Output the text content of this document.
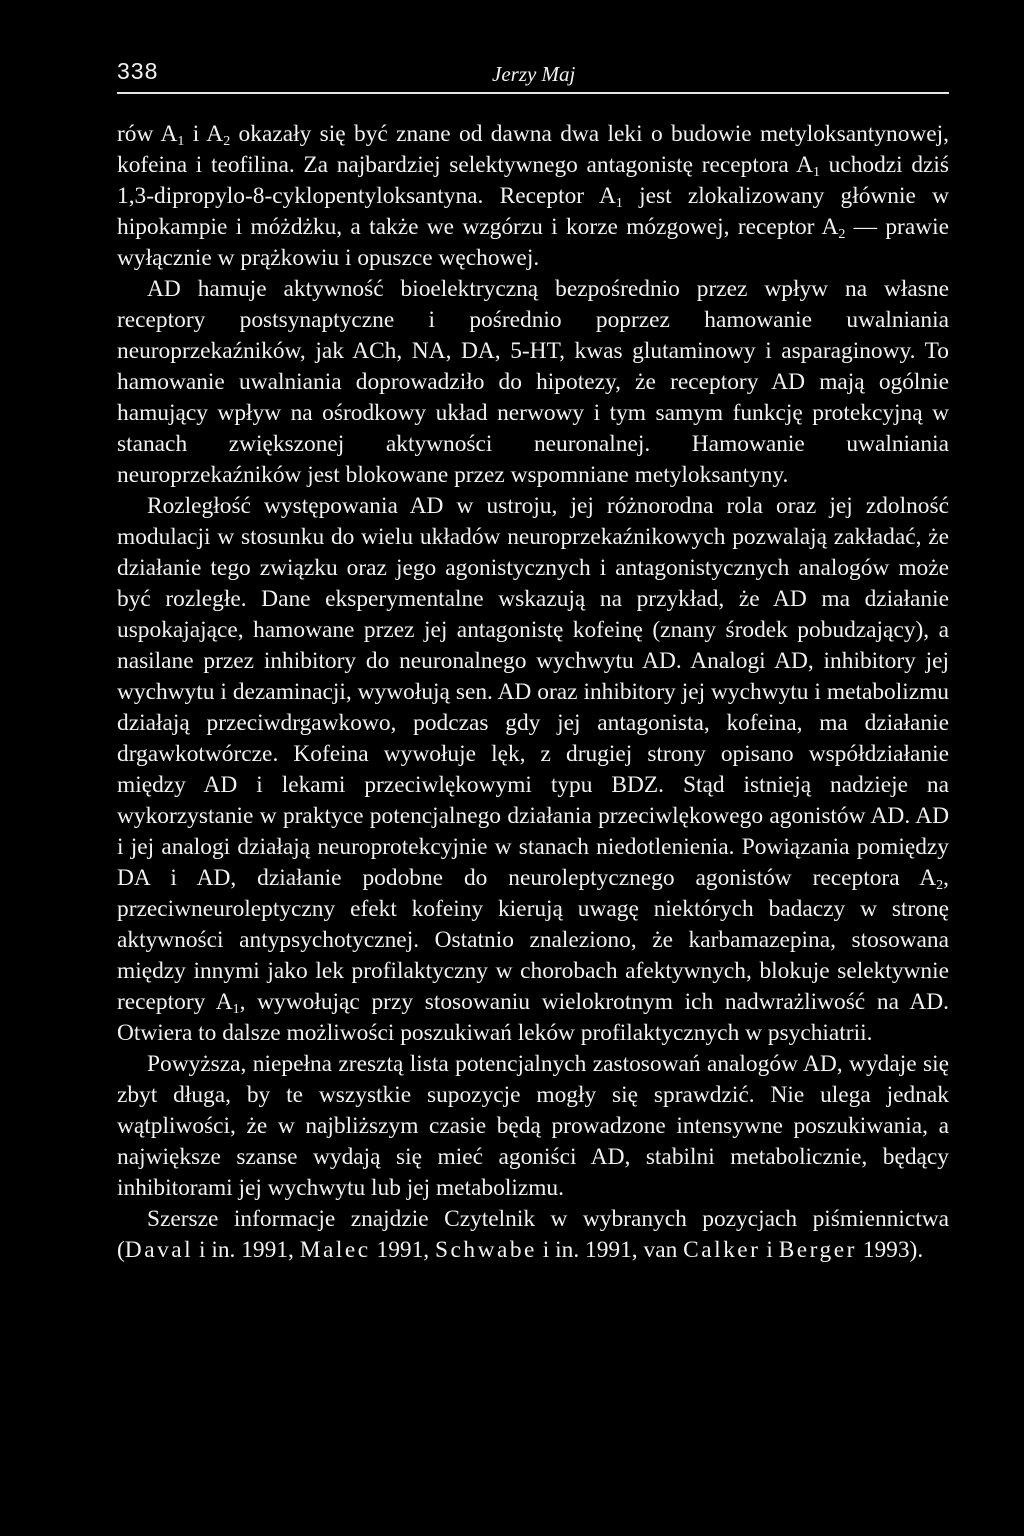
338	Jerzy Maj

rów $A_1$ i $A_2$ okazały się być znane od dawna dwa leki o budowie metyloksantynowej, kofeina i teofilina. Za najbardziej selektywnego antagonistę receptora $A_1$ uchodzi dziś 1,3-dipropylo-8-cyklopentyloksantyna. Receptor $A_1$ jest zlokalizowany głównie w hipokampie i móżdżku, a także we wzgórzu i korze mózgowej, receptor $A_2$ — prawie wyłącznie w prążkowiu i opuszce węchowej.

AD hamuje aktywność bioelektryczną bezpośrednio przez wpływ na własne receptory postsynaptyczne i pośrednio poprzez hamowanie uwalniania neuroprzekaźników, jak ACh, NA, DA, 5-HT, kwas glutaminowy i asparaginowy. To hamowanie uwalniania doprowadziło do hipotezy, że receptory AD mają ogólnie hamujący wpływ na ośrodkowy układ nerwowy i tym samym funkcję protekcyjną w stanach zwiększonej aktywności neuronalnej. Hamowanie uwalniania neuroprzekaźników jest blokowane przez wspomniane metyloksantyny.

Rozległość występowania AD w ustroju, jej różnorodna rola oraz jej zdolność modulacji w stosunku do wielu układów neuroprzekaźnikowych pozwalają zakładać, że działanie tego związku oraz jego agonistycznych i antagonistycznych analogów może być rozległe. Dane eksperymentalne wskazują na przykład, że AD ma działanie uspokajające, hamowane przez jej antagonistę kofeinę (znany środek pobudzający), a nasilane przez inhibitory do neuronalnego wychwytu AD. Analogi AD, inhibitory jej wychwytu i dezaminacji, wywołują sen. AD oraz inhibitory jej wychwytu i metabolizmu działają przeciwdrgawkowo, podczas gdy jej antagonista, kofeina, ma działanie drgawkotwórcze. Kofeina wywołuje lęk, z drugiej strony opisano współdziałanie między AD i lekami przeciwlękowymi typu BDZ. Stąd istnieją nadzieje na wykorzystanie w praktyce potencjalnego działania przeciwlękowego agonistów AD. AD i jej analogi działają neuroprotekcyjnie w stanach niedotlenienia. Powiązania pomiędzy DA i AD, działanie podobne do neuroleptycznego agonistów receptora $A_2$, przeciwneuroleptyczny efekt kofeiny kierują uwagę niektórych badaczy w stronę aktywności antypsychotycznej. Ostatnio znaleziono, że karbamazepina, stosowana między innymi jako lek profilaktyczny w chorobach afektywnych, blokuje selektywnie receptory $A_1$, wywołując przy stosowaniu wielokrotnym ich nadwrażliwość na AD. Otwiera to dalsze możliwości poszukiwań leków profilaktycznych w psychiatrii.

Powyższa, niepełna zresztą lista potencjalnych zastosowań analogów AD, wydaje się zbyt długa, by te wszystkie supozycje mogły się sprawdzić. Nie ulega jednak wątpliwości, że w najbliższym czasie będą prowadzone intensywne poszukiwania, a największe szanse wydają się mieć agoniści AD, stabilni metabolicznie, będący inhibitorami jej wychwytu lub jej metabolizmu.

Szersze informacje znajdzie Czytelnik w wybranych pozycjach piśmiennictwa (Daval i in. 1991, Malec 1991, Schwabe i in. 1991, van Calker i Berger 1993).
